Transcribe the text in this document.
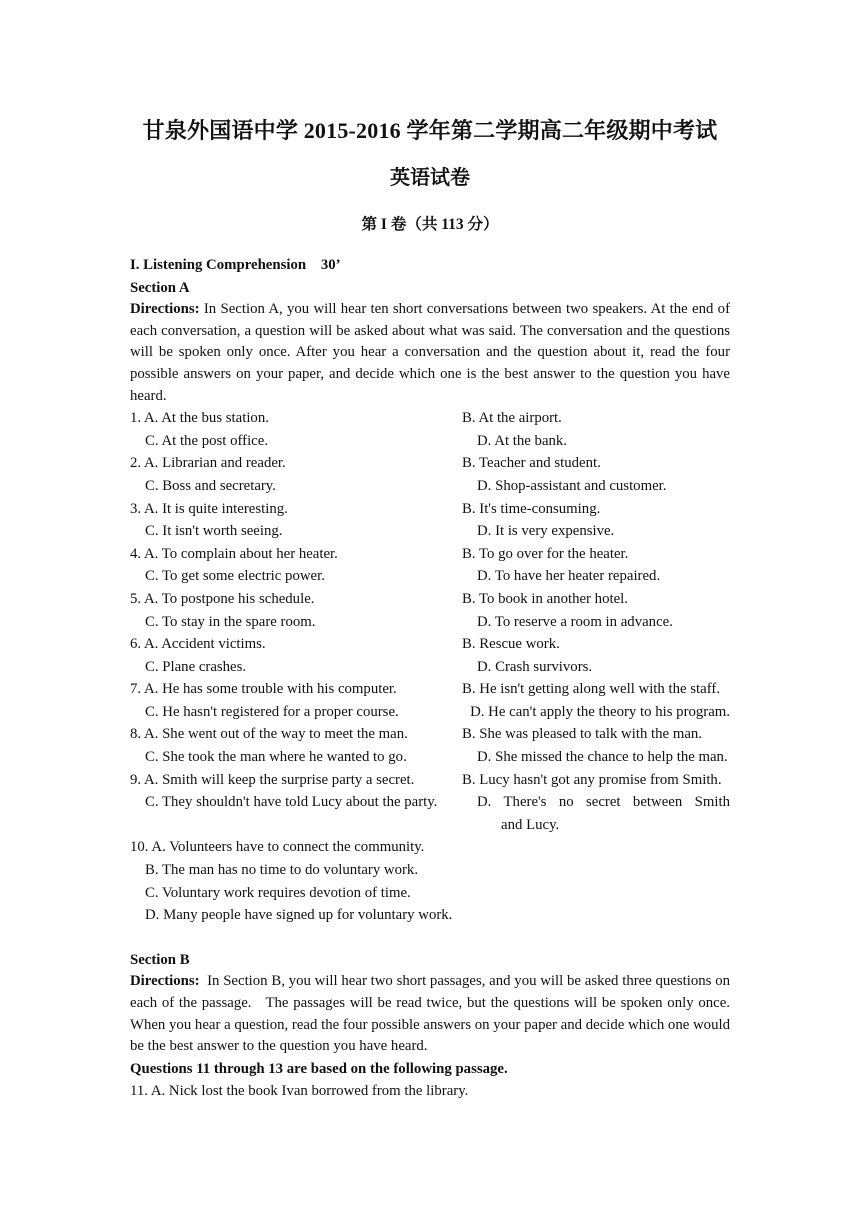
甘泉外国语中学 2015-2016 学年第二学期高二年级期中考试
英语试卷
第 I 卷（共 113 分）
I. Listening Comprehension    30’
Section A

Directions: In Section A, you will hear ten short conversations between two speakers. At the end of each conversation, a question will be asked about what was said. The conversation and the questions will be spoken only once. After you hear a conversation and the question about it, read the four possible answers on your paper, and decide which one is the best answer to the question you have heard.

1. A. At the bus station.	B. At the airport.
C. At the post office.	D. At the bank.
2. A. Librarian and reader.	B. Teacher and student.
C. Boss and secretary.	D. Shop-assistant and customer.
3. A. It is quite interesting.	B. It's time-consuming.
C. It isn't worth seeing.	D. It is very expensive.
4. A. To complain about her heater.	B. To go over for the heater.
C. To get some electric power.	D. To have her heater repaired.
5. A. To postpone his schedule.	B. To book in another hotel.
C. To stay in the spare room.	D. To reserve a room in advance.
6. A. Accident victims.	B. Rescue work.
C. Plane crashes.	D. Crash survivors.
7. A. He has some trouble with his computer.	B. He isn't getting along well with the staff.
C. He hasn't registered for a proper course.	D. He can't apply the theory to his program.
8. A. She went out of the way to meet the man.	B. She was pleased to talk with the man.
C. She took the man where he wanted to go.	D. She missed the chance to help the man.
9. A. Smith will keep the surprise party a secret.	B. Lucy hasn't got any promise from Smith.
C. They shouldn't have told Lucy about the party.	D.  There's  no  secret  between  Smith  and Lucy.
10. A. Volunteers have to connect the community.
B. The man has no time to do voluntary work.
C. Voluntary work requires devotion of time.
D. Many people have signed up for voluntary work.
Section B

Directions:  In Section B, you will hear two short passages, and you will be asked three questions on each of the passage.   The passages will be read twice, but the questions will be spoken only once.    When you hear a question, read the four possible answers on your paper and decide which one would be the best answer to the question you have heard.

Questions 11 through 13 are based on the following passage.
11. A. Nick lost the book Ivan borrowed from the library.
